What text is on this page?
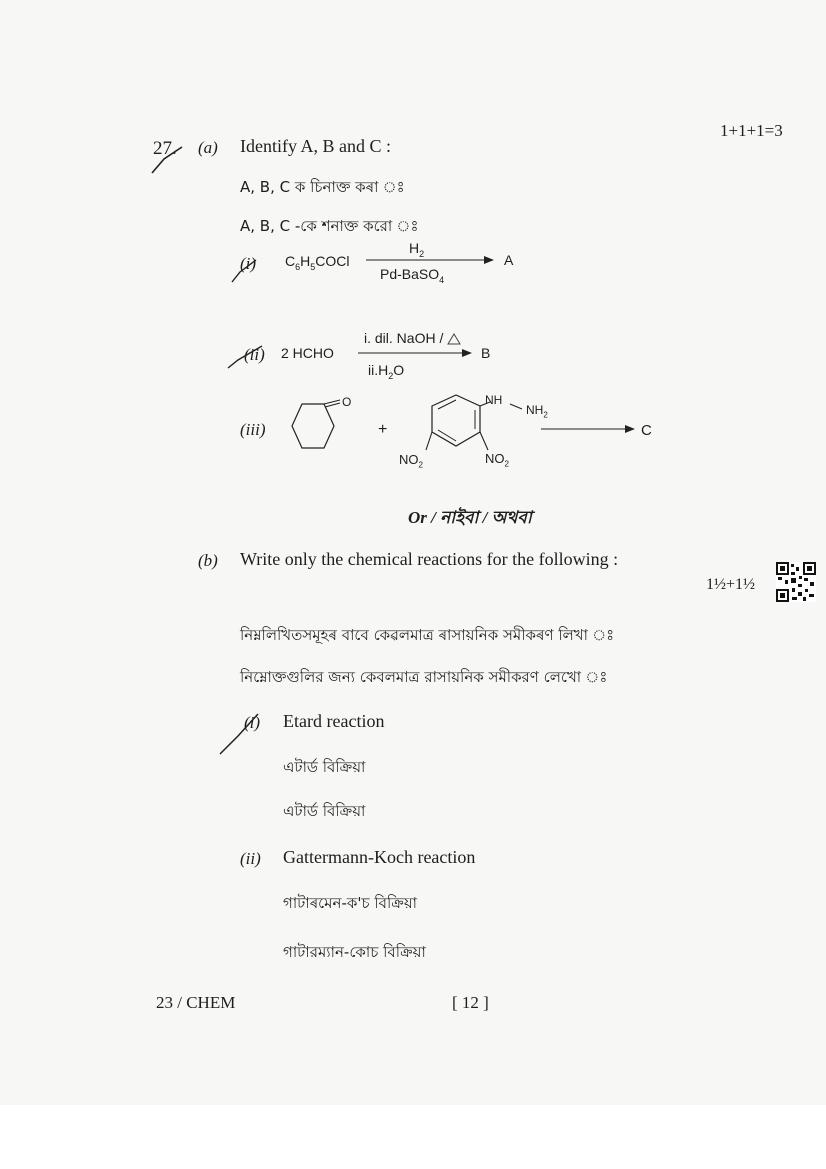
1+1+1=3
27. (a) Identify A, B and C :
A, B, C ক চিনাক্ত কৰা ঃ
A, B, C -কে শনাক্ত করো ঃ
(i) $C_6H_5COCl$
$H_2$
Pd-BaSO$_4$
A
(ii) 2 HCHO
i. dil. NaOH /
$ii.H_2O$
B
(iii)
O
+
NH
$NH_2$
$NO_2$	$NO_2$
C
Or / নাইবা / অথবা
(b) Write only the chemical reactions for the following :
1½+1½
নিম্নলিখিতসমূহৰ বাবে কেৱলমাত্ৰ ৰাসায়নিক সমীকৰণ লিখা ঃ
নিম্নোক্তগুলির জন্য কেবলমাত্র রাসায়নিক সমীকরণ লেখো ঃ
(i) Etard reaction
এটাৰ্ড বিক্ৰিয়া
এটার্ড বিক্রিয়া
(ii) Gattermann-Koch reaction
গাটাৰমেন-ক'চ বিক্ৰিয়া
গাটারম্যান-কোচ বিক্রিয়া
23 / CHEM	[ 12 ]
